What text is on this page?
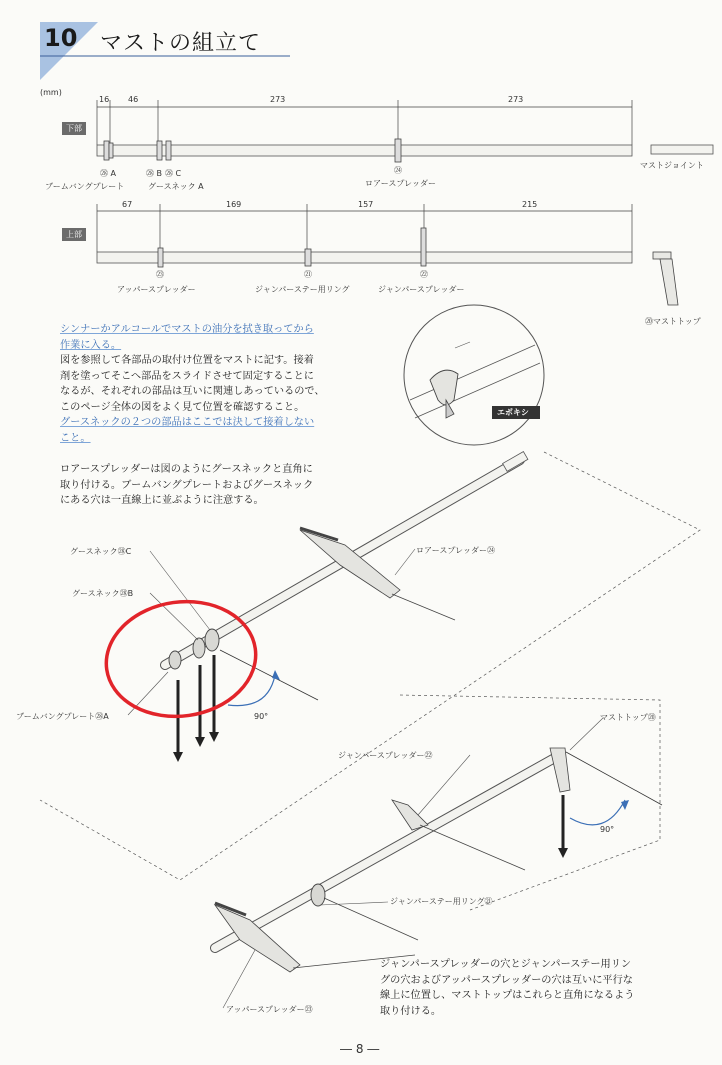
10 マストの組立て
(mm)
下部
16 46	273	273
㉘ A	㉘ B ㉘ C	㉔
ブームバングプレート	グースネック A	ロアースプレッダー
マストジョイント
上部
67	169	157	215
㉓	㉑	㉒
アッパースプレッダー	ジャンパーステー用リング	ジャンパースプレッダー
⑳マストトップ
シンナーかアルコールでマストの油分を拭き取ってから
作業に入る。
図を参照して各部品の取付け位置をマストに記す。接着
剤を塗ってそこへ部品をスライドさせて固定することに
なるが、それぞれの部品は互いに関連しあっているので、
このページ全体の図をよく見て位置を確認すること。
グースネックの２つの部品はここでは決して接着しない
こと。
エポキシ
ロアースプレッダーは図のようにグースネックと直角に
取り付ける。ブームバングプレートおよびグースネック
にある穴は一直線上に並ぶように注意する。
グースネック㉘C
グースネック㉘B
ブームバングプレート㉘A
ロアースプレッダー㉔
90°	マストトップ⑳
ジャンパースプレッダー㉒
ジャンパーステー用リング㉑
アッパースプレッダー㉓
90°
ジャンパースプレッダーの穴とジャンパーステー用リン
グの穴およびアッパースプレッダーの穴は互いに平行な
線上に位置し、マストトップはこれらと直角になるよう
取り付ける。
― 8 ―
